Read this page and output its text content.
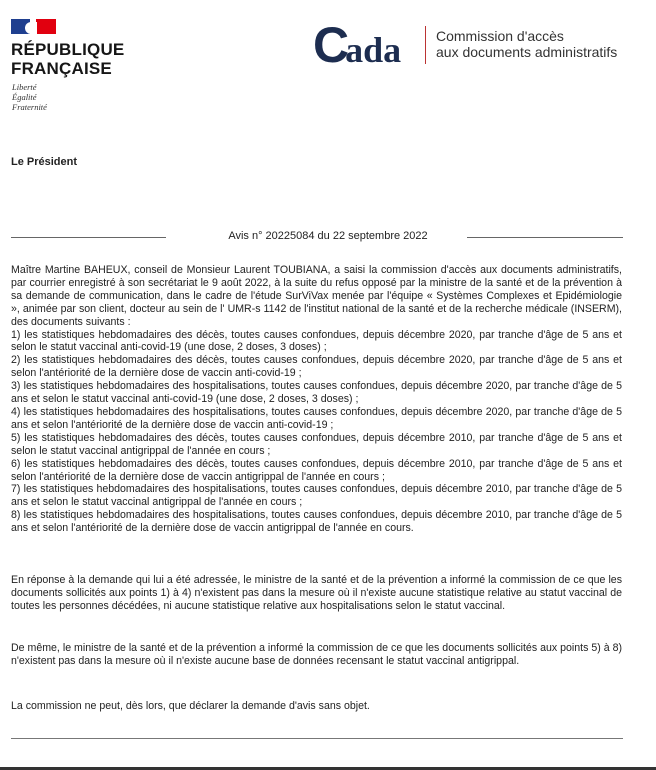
RÉPUBLIQUE
FRANÇAISE
Liberté
Égalité
Fraternité
Cada Commission d'accès
aux documents administratifs
Le Président
Avis n° 20225084 du 22 septembre 2022

Maître Martine BAHEUX, conseil de Monsieur Laurent TOUBIANA, a saisi la commission d'accès aux documents administratifs, par courrier enregistré à son secrétariat le 9 août 2022, à la suite du refus opposé par la ministre de la santé et de la prévention à sa demande de communication, dans le cadre de l'étude SurViVax menée par l'équipe « Systèmes Complexes et Epidémiologie », animée par son client, docteur au sein de l' UMR-s 1142 de l'institut national de la santé et de la recherche médicale (INSERM), des documents suivants :

1) les statistiques hebdomadaires des décès, toutes causes confondues, depuis décembre 2020, par tranche d'âge de 5 ans et selon le statut vaccinal anti-covid-19 (une dose, 2 doses, 3 doses) ;

2) les statistiques hebdomadaires des décès, toutes causes confondues, depuis décembre 2020, par tranche d'âge de 5 ans et selon l'antériorité de la dernière dose de vaccin anti-covid-19 ;

3) les statistiques hebdomadaires des hospitalisations, toutes causes confondues, depuis décembre 2020, par tranche d'âge de 5 ans et selon le statut vaccinal anti-covid-19 (une dose, 2 doses, 3 doses) ;

4) les statistiques hebdomadaires des hospitalisations, toutes causes confondues, depuis décembre 2020, par tranche d'âge de 5 ans et selon l'antériorité de la dernière dose de vaccin anti-covid-19 ;

5) les statistiques hebdomadaires des décès, toutes causes confondues, depuis décembre 2010, par tranche d'âge de 5 ans et selon le statut vaccinal antigrippal de l'année en cours ;

6) les statistiques hebdomadaires des décès, toutes causes confondues, depuis décembre 2010, par tranche d'âge de 5 ans et selon l'antériorité de la dernière dose de vaccin antigrippal de l'année en cours ;

7) les statistiques hebdomadaires des hospitalisations, toutes causes confondues, depuis décembre 2010, par tranche d'âge de 5 ans et selon le statut vaccinal antigrippal de l'année en cours ;

8) les statistiques hebdomadaires des hospitalisations, toutes causes confondues, depuis décembre 2010, par tranche d'âge de 5 ans et selon l'antériorité de la dernière dose de vaccin antigrippal de l'année en cours.

En réponse à la demande qui lui a été adressée, le ministre de la santé et de la prévention a informé la commission de ce que les documents sollicités aux points 1) à 4) n'existent pas dans la mesure où il n'existe aucune statistique relative au statut vaccinal de toutes les personnes décédées, ni aucune statistique relative aux hospitalisations selon le statut vaccinal.
De même, le ministre de la santé et de la prévention a informé la commission de ce que les documents sollicités aux points 5) à 8) n'existent pas dans la mesure où il n'existe aucune base de données recensant le statut vaccinal antigrippal.
La commission ne peut, dès lors, que déclarer la demande d'avis sans objet.
